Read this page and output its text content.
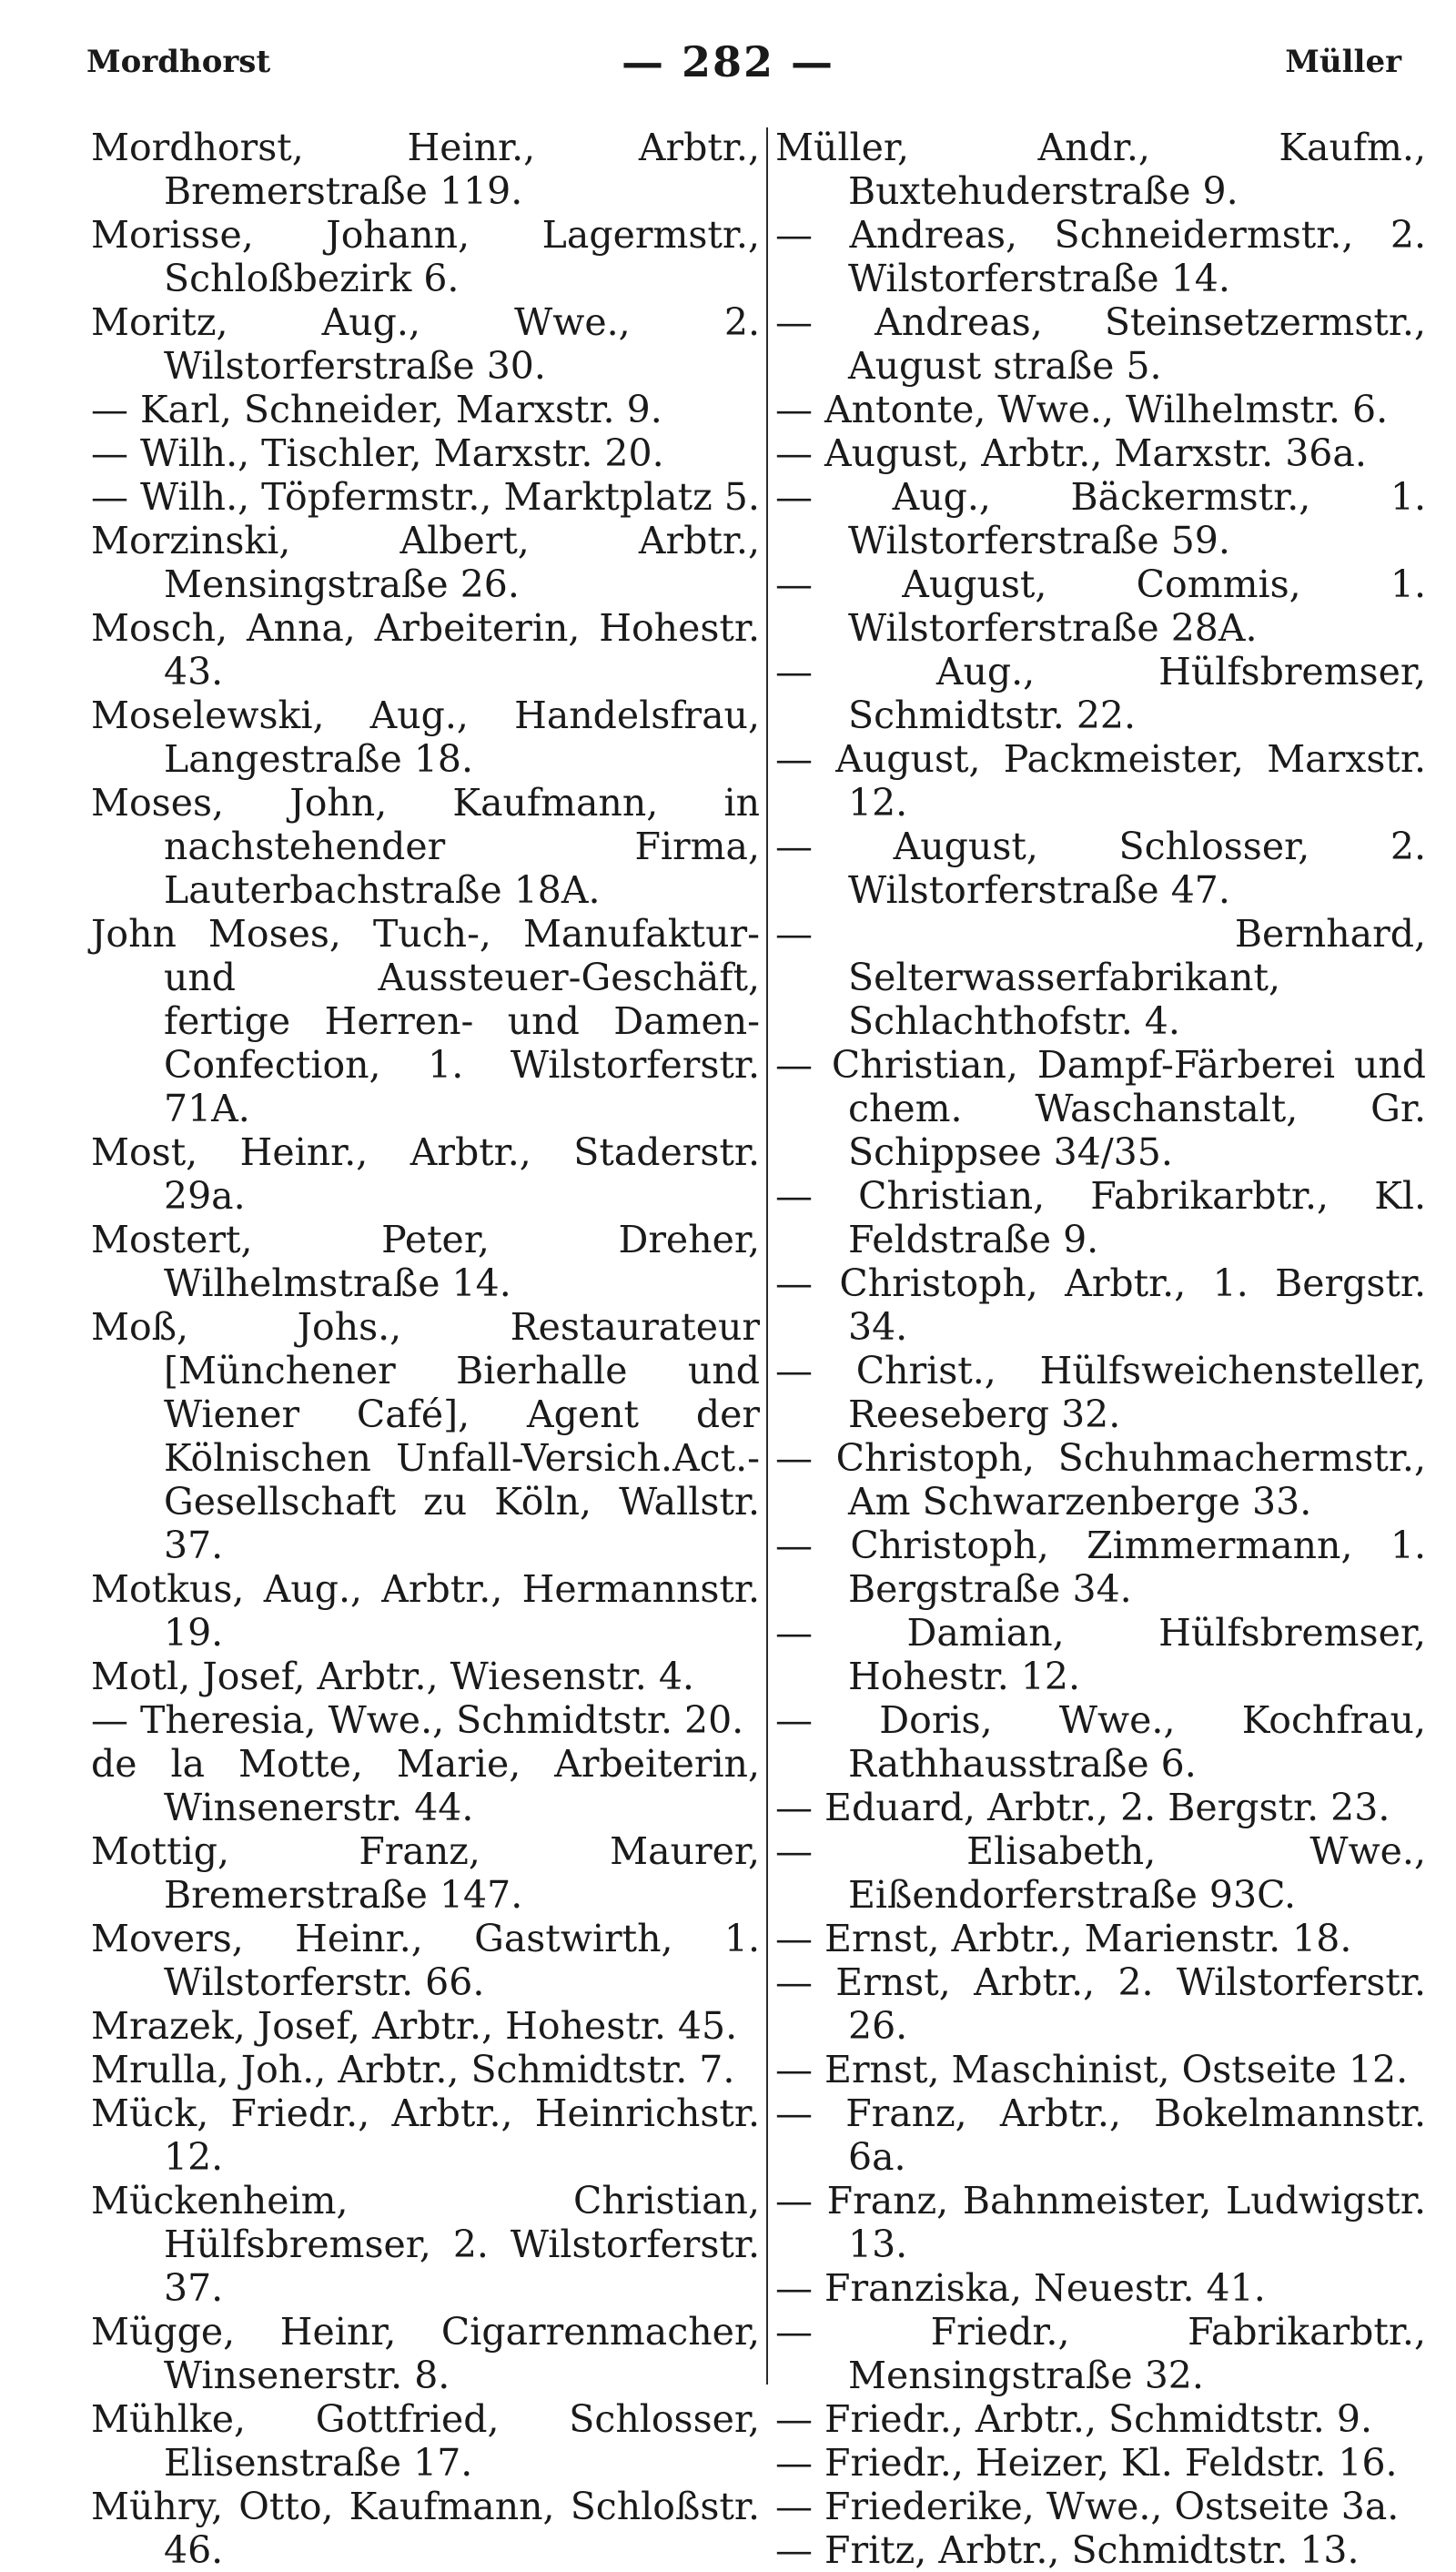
Mordhorst	— 282 —	Müller
Mordhorst, Heinr., Arbtr., Bremerstraße 119.
Morisse, Johann, Lagermstr., Schloßbezirk 6.
Moritz, Aug., Wwe., 2. Wilstorferstraße 30.
— Karl, Schneider, Marxstr. 9.
— Wilh., Tischler, Marxstr. 20.
— Wilh., Töpfermstr., Marktplatz 5.
Morzinski, Albert, Arbtr., Mensingstraße 26.
Mosch, Anna, Arbeiterin, Hohestr. 43.
Moselewski, Aug., Handelsfrau, Langestraße 18.
Moses, John, Kaufmann, in nachstehender Firma, Lauterbachstraße 18A.
John Moses, Tuch-, Manufaktur- und Aussteuer-Geschäft, fertige Herren- und Damen-Confection, 1. Wilstorferstr. 71A.
Most, Heinr., Arbtr., Staderstr. 29a.
Mostert, Peter, Dreher, Wilhelmstraße 14.
Moß, Johs., Restaurateur [Münchener Bierhalle und Wiener Café], Agent der Kölnischen Unfall-Versich.Act.-Gesellschaft zu Köln, Wallstr. 37.
Motkus, Aug., Arbtr., Hermannstr. 19.
Motl, Josef, Arbtr., Wiesenstr. 4.
— Theresia, Wwe., Schmidtstr. 20.
de la Motte, Marie, Arbeiterin, Winsenerstr. 44.
Mottig, Franz, Maurer, Bremerstraße 147.
Movers, Heinr., Gastwirth, 1. Wilstorferstr. 66.
Mrazek, Josef, Arbtr., Hohestr. 45.
Mrulla, Joh., Arbtr., Schmidtstr. 7.
Mück, Friedr., Arbtr., Heinrichstr. 12.
Mückenheim, Christian, Hülfsbremser, 2. Wilstorferstr. 37.
Mügge, Heinr, Cigarrenmacher, Winsenerstr. 8.
Mühlke, Gottfried, Schlosser, Elisenstraße 17.
Mühry, Otto, Kaufmann, Schloßstr. 46.
Müller, Andr., Kaufm., Buxtehuderstraße 9.
— Andreas, Schneidermstr., 2. Wilstorferstraße 14.
— Andreas, Steinsetzermstr., August straße 5.
— Antonte, Wwe., Wilhelmstr. 6.
— August, Arbtr., Marxstr. 36a.
— Aug., Bäckermstr., 1. Wilstorferstraße 59.
— August, Commis, 1. Wilstorferstraße 28A.
— Aug., Hülfsbremser, Schmidtstr. 22.
— August, Packmeister, Marxstr. 12.
— August, Schlosser, 2. Wilstorferstraße 47.
— Bernhard, Selterwasserfabrikant, Schlachthofstr. 4.
— Christian, Dampf-Färberei und chem. Waschanstalt, Gr. Schippsee 34/35.
— Christian, Fabrikarbtr., Kl. Feldstraße 9.
— Christoph, Arbtr., 1. Bergstr. 34.
— Christ., Hülfsweichensteller, Reeseberg 32.
— Christoph, Schuhmachermstr., Am Schwarzenberge 33.
— Christoph, Zimmermann, 1. Bergstraße 34.
— Damian, Hülfsbremser, Hohestr. 12.
— Doris, Wwe., Kochfrau, Rathhausstraße 6.
— Eduard, Arbtr., 2. Bergstr. 23.
— Elisabeth, Wwe., Eißendorferstraße 93C.
— Ernst, Arbtr., Marienstr. 18.
— Ernst, Arbtr., 2. Wilstorferstr. 26.
— Ernst, Maschinist, Ostseite 12.
— Franz, Arbtr., Bokelmannstr. 6a.
— Franz, Bahnmeister, Ludwigstr. 13.
— Franziska, Neuestr. 41.
— Friedr., Fabrikarbtr., Mensingstraße 32.
— Friedr., Arbtr., Schmidtstr. 9.
— Friedr., Heizer, Kl. Feldstr. 16.
— Friederike, Wwe., Ostseite 3a.
— Fritz, Arbtr., Schmidtstr. 13.
